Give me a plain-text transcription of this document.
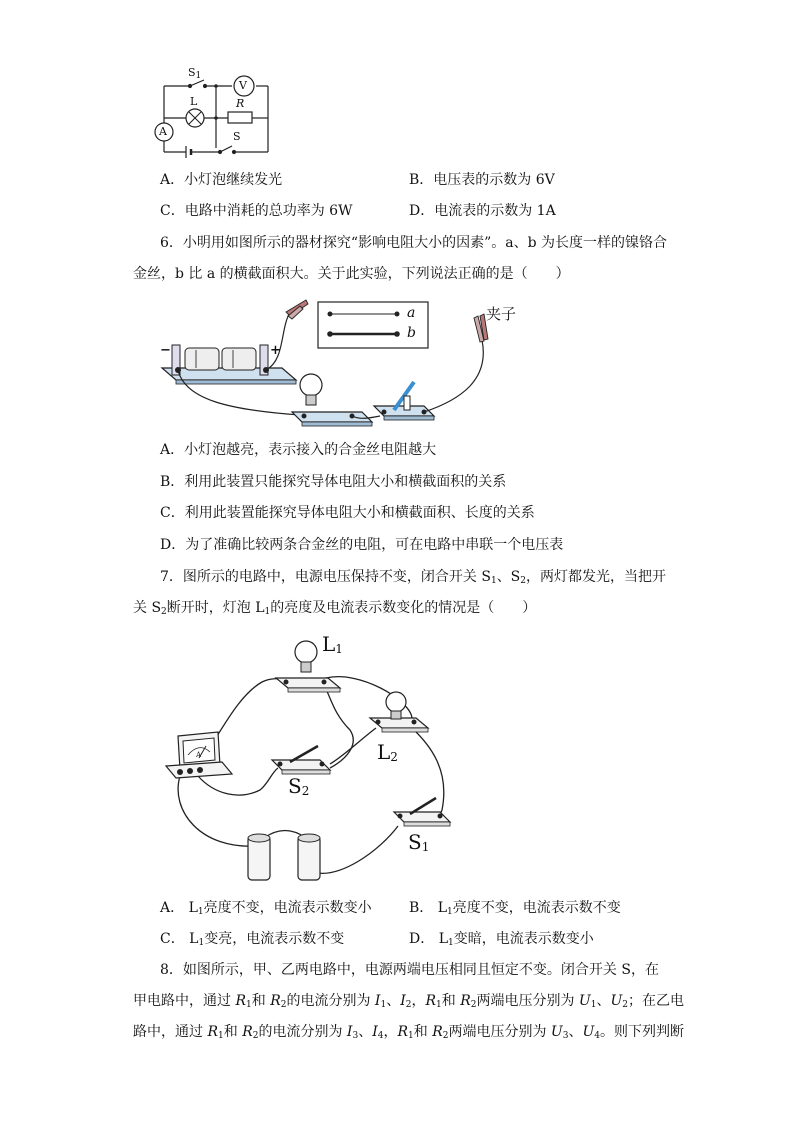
$S_1$
V
L	R
A	S
A．小灯泡继续发光	B．电压表的示数为 6V
C．电路中消耗的总功率为 6W	D．电流表的示数为 1A
6．小明用如图所示的器材探究“影响电阻大小的因素”。a、b 为长度一样的镍铬合
金丝，b 比 a 的横截面积大。关于此实验，下列说法正确的是（　　）
a
b
夹子
−	+
A．小灯泡越亮，表示接入的合金丝电阻越大
B．利用此装置只能探究导体电阻大小和横截面积的关系
C．利用此装置能探究导体电阻大小和横截面积、长度的关系
D．为了准确比较两条合金丝的电阻，可在电路中串联一个电压表
7．图所示的电路中，电源电压保持不变，闭合开关 $S_1$、$S_2$，两灯都发光，当把开
关 $S_2$断开时，灯泡 $L_1$的亮度及电流表示数变化的情况是（　　）
$L_1$
$L_2$
$S_2$
$S_1$
A
A． $L_1$亮度不变，电流表示数变小	B． $L_1$亮度不变，电流表示数不变
C． $L_1$变亮，电流表示数不变	D． $L_1$变暗，电流表示数变小
8．如图所示，甲、乙两电路中，电源两端电压相同且恒定不变。闭合开关 S，在
甲电路中，通过 $R_1$和 $R_2$的电流分别为 $I_1$、$I_2$，$R_1$和 $R_2$两端电压分别为 $U_1$、$U_2$；在乙电
路中，通过 $R_1$和 $R_2$的电流分别为 $I_3$、$I_4$，$R_1$和 $R_2$两端电压分别为 $U_3$、$U_4$。则下列判断
